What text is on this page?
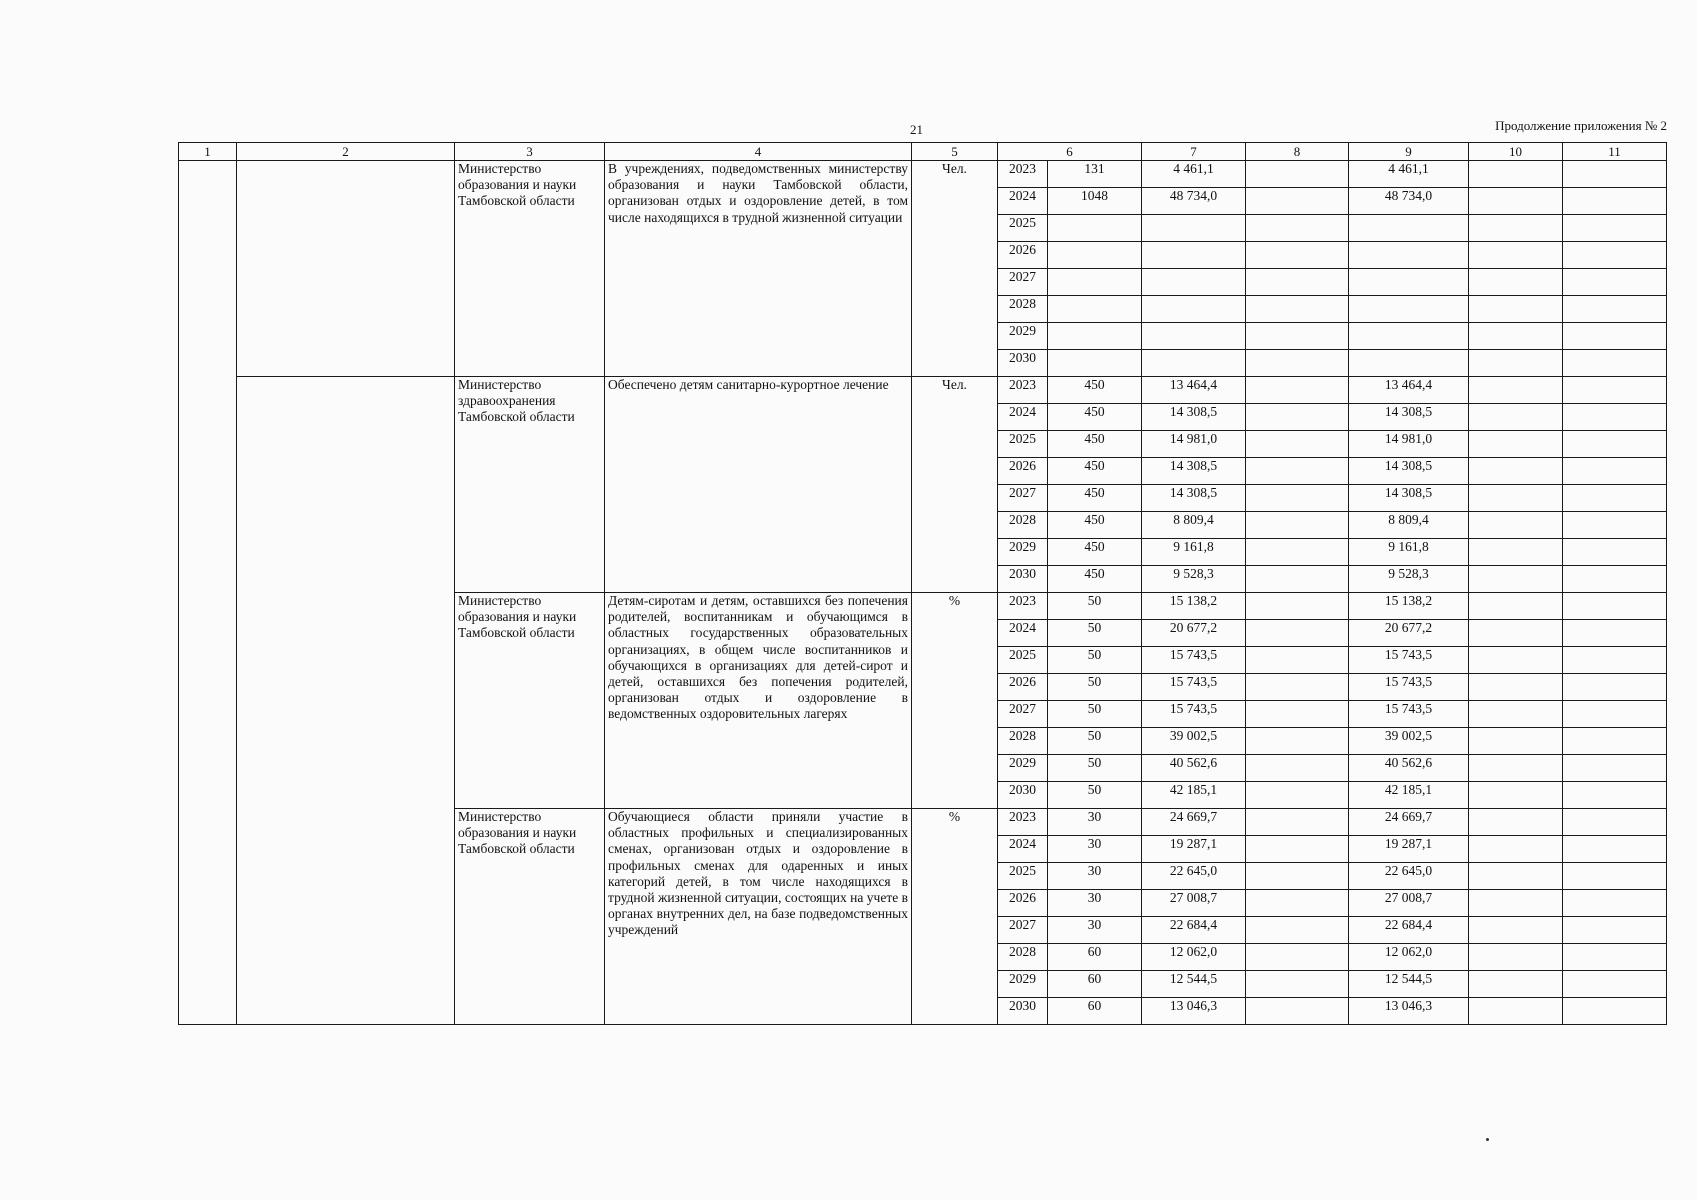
21	Продолжение приложения № 2
1	2	3	4	5	6		7	8	9	10	11
		Министерство образования и науки Тамбовской области	В учреждениях, подведомственных министерству образования и науки Тамбовской области, организован отдых и оздоровление детей, в том числе находящихся в трудной жизненной ситуации	Чел.	2023	131	4 461,1		4 461,1		
					2024	1048	48 734,0		48 734,0		
					2025						
					2026						
					2027						
					2028						
					2029						
					2030						
		Министерство здравоохранения Тамбовской области	Обеспечено детям санитарно-курортное лечение	Чел.	2023	450	13 464,4		13 464,4		
					2024	450	14 308,5		14 308,5		
					2025	450	14 981,0		14 981,0		
					2026	450	14 308,5		14 308,5		
					2027	450	14 308,5		14 308,5		
					2028	450	8 809,4		8 809,4		
					2029	450	9 161,8		9 161,8		
					2030	450	9 528,3		9 528,3		
		Министерство образования и науки Тамбовской области	Детям-сиротам и детям, оставшихся без попечения родителей, воспитанникам и обучающимся в областных государственных образовательных организациях, в общем числе воспитанников и обучающихся в организациях для детей-сирот и детей, оставшихся без попечения родителей, организован отдых и оздоровление в ведомственных оздоровительных лагерях	%	2023	50	15 138,2		15 138,2		
					2024	50	20 677,2		20 677,2		
					2025	50	15 743,5		15 743,5		
					2026	50	15 743,5		15 743,5		
					2027	50	15 743,5		15 743,5		
					2028	50	39 002,5		39 002,5		
					2029	50	40 562,6		40 562,6		
					2030	50	42 185,1		42 185,1		
		Министерство образования и науки Тамбовской области	Обучающиеся области приняли участие в областных профильных и специализированных сменах, организован отдых и оздоровление в профильных сменах для одаренных и иных категорий детей, в том числе находящихся в трудной жизненной ситуации, состоящих на учете в органах внутренних дел, на базе подведомственных учреждений	%	2023	30	24 669,7		24 669,7		
					2024	30	19 287,1		19 287,1		
					2025	30	22 645,0		22 645,0		
					2026	30	27 008,7		27 008,7		
					2027	30	22 684,4		22 684,4		
					2028	60	12 062,0		12 062,0		
					2029	60	12 544,5		12 544,5		
					2030	60	13 046,3		13 046,3		
